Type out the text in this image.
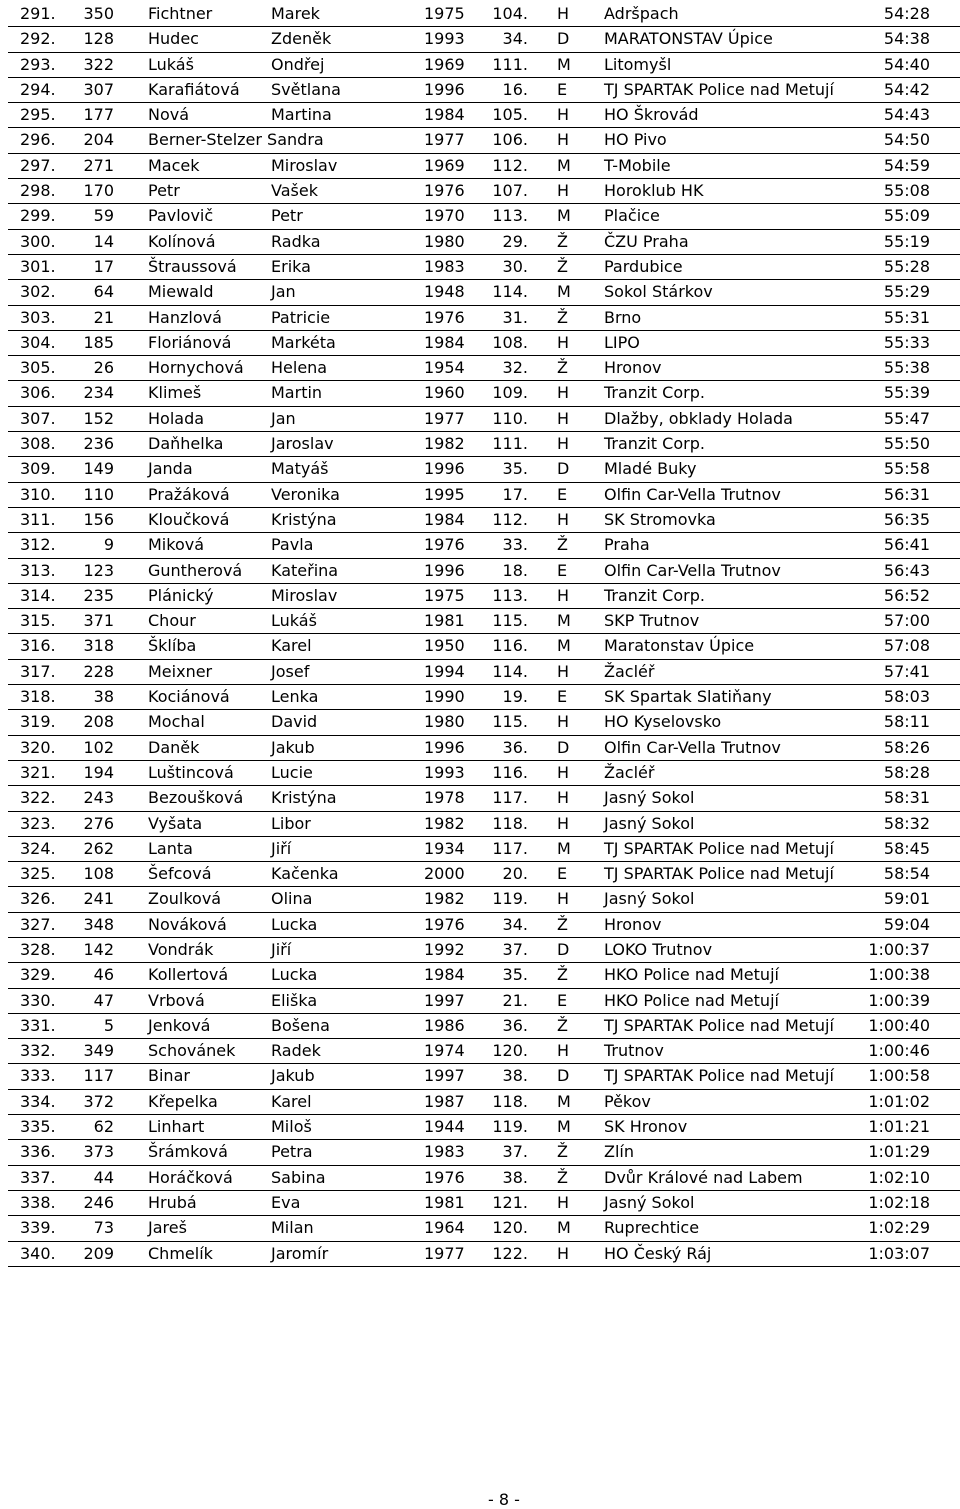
291. 350 Fichtner	Marek	1975 104. H Adršpach	54:28
292. 128 Hudec	Zdeněk	1993 34. D MARATONSTAV Úpice	54:38
293. 322 Lukáš	Ondřej	1969 111. M Litomyšl	54:40
294. 307 Karafiátová Světlana	1996 16. E TJ SPARTAK Police nad Metují	54:42
295. 177 Nová	Martina	1984 105. H HO Škrovád	54:43
296. 204 Berner-Stelzer Sandra	1977 106. H HO Pivo	54:50
297. 271 Macek	Miroslav	1969 112. M T-Mobile	54:59
298. 170 Petr	Vašek	1976 107. H Horoklub HK	55:08
299. 59 Pavlovič	Petr	1970 113. M Plačice	55:09
300. 14 Kolínová	Radka	1980 29. Ž ČZU Praha	55:19
301. 17 Štraussová Erika	1983 30. Ž Pardubice	55:28
302. 64 Miewald	Jan	1948 114. M Sokol Stárkov	55:29
303. 21 Hanzlová	Patricie	1976 31. Ž Brno	55:31
304. 185 Floriánová Markéta	1984 108. H LIPO	55:33
305. 26 Hornychová Helena	1954 32. Ž Hronov	55:38
306. 234 Klimeš	Martin	1960 109. H Tranzit Corp.	55:39
307. 152 Holada	Jan	1977 110. H Dlažby, obklady Holada	55:47
308. 236 Daňhelka	Jaroslav	1982 111. H Tranzit Corp.	55:50
309. 149 Janda	Matyáš	1996 35. D Mladé Buky	55:58
310. 110 Pražáková	Veronika	1995 17. E Olfin Car-Vella Trutnov	56:31
311. 156 Kloučková	Kristýna	1984 112. H SK Stromovka	56:35
312.	9 Miková	Pavla	1976 33. Ž Praha	56:41
313. 123 Guntherová Kateřina	1996 18. E Olfin Car-Vella Trutnov	56:43
314. 235 Plánický	Miroslav	1975 113. H Tranzit Corp.	56:52
315. 371 Chour	Lukáš	1981 115. M SKP Trutnov	57:00
316. 318 Šklíba	Karel	1950 116. M Maratonstav Úpice	57:08
317. 228 Meixner	Josef	1994 114. H Žacléř	57:41
318. 38 Kociánová	Lenka	1990 19. E SK Spartak Slatiňany	58:03
319. 208 Mochal	David	1980 115. H HO Kyselovsko	58:11
320. 102 Daněk	Jakub	1996 36. D Olfin Car-Vella Trutnov	58:26
321. 194 Luštincová Lucie	1993 116. H Žacléř	58:28
322. 243 Bezoušková Kristýna	1978 117. H Jasný Sokol	58:31
323. 276 Vyšata	Libor	1982 118. H Jasný Sokol	58:32
324. 262 Lanta	Jiří	1934 117. M TJ SPARTAK Police nad Metují	58:45
325. 108 Šefcová	Kačenka	2000 20. E TJ SPARTAK Police nad Metují	58:54
326. 241 Zoulková	Olina	1982 119. H Jasný Sokol	59:01
327. 348 Nováková	Lucka	1976 34. Ž Hronov	59:04
328. 142 Vondrák	Jiří	1992 37. D LOKO Trutnov	1:00:37
329. 46 Kollertová	Lucka	1984 35. Ž HKO Police nad Metují	1:00:38
330. 47 Vrbová	Eliška	1997 21. E HKO Police nad Metují	1:00:39
331.	5 Jenková	Bošena	1986 36. Ž TJ SPARTAK Police nad Metují 1:00:40
332. 349 Schovánek Radek	1974 120. H Trutnov	1:00:46
333. 117 Binar	Jakub	1997 38. D TJ SPARTAK Police nad Metují 1:00:58
334. 372 Křepelka	Karel	1987 118. M Pěkov	1:01:02
335. 62 Linhart	Miloš	1944 119. M SK Hronov	1:01:21
336. 373 Šrámková	Petra	1983 37. Ž Zlín	1:01:29
337. 44 Horáčková Sabina	1976 38. Ž Dvůr Králové nad Labem	1:02:10
338. 246 Hrubá	Eva	1981 121. H Jasný Sokol	1:02:18
339. 73 Jareš	Milan	1964 120. M Ruprechtice	1:02:29
340. 209 Chmelík	Jaromír	1977 122. H HO Český Ráj	1:03:07
- 8 -
